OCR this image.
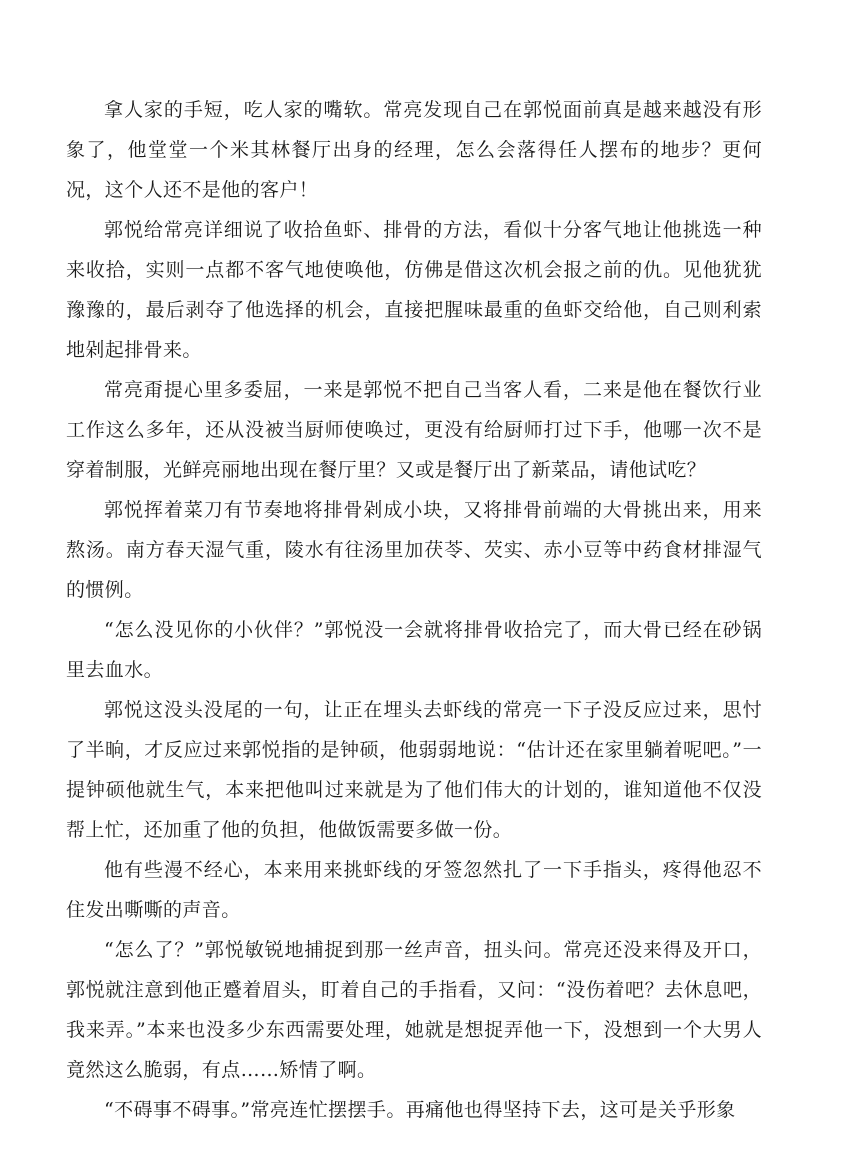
拿人家的手短，吃人家的嘴软。常亮发现自己在郭悦面前真是越来越没有形象了，他堂堂一个米其林餐厅出身的经理，怎么会落得任人摆布的地步？更何况，这个人还不是他的客户！

郭悦给常亮详细说了收拾鱼虾、排骨的方法，看似十分客气地让他挑选一种来收拾，实则一点都不客气地使唤他，仿佛是借这次机会报之前的仇。见他犹犹豫豫的，最后剥夺了他选择的机会，直接把腥味最重的鱼虾交给他，自己则利索地剁起排骨来。

常亮甭提心里多委屈，一来是郭悦不把自己当客人看，二来是他在餐饮行业工作这么多年，还从没被当厨师使唤过，更没有给厨师打过下手，他哪一次不是穿着制服，光鲜亮丽地出现在餐厅里？又或是餐厅出了新菜品，请他试吃？

郭悦挥着菜刀有节奏地将排骨剁成小块，又将排骨前端的大骨挑出来，用来熬汤。南方春天湿气重，陵水有往汤里加茯苓、芡实、赤小豆等中药食材排湿气的惯例。

“怎么没见你的小伙伴？”郭悦没一会就将排骨收拾完了，而大骨已经在砂锅里去血水。

郭悦这没头没尾的一句，让正在埋头去虾线的常亮一下子没反应过来，思忖了半晌，才反应过来郭悦指的是钟硕，他弱弱地说：“估计还在家里躺着呢吧。”一提钟硕他就生气，本来把他叫过来就是为了他们伟大的计划的，谁知道他不仅没帮上忙，还加重了他的负担，他做饭需要多做一份。

他有些漫不经心，本来用来挑虾线的牙签忽然扎了一下手指头，疼得他忍不住发出嘶嘶的声音。

“怎么了？”郭悦敏锐地捕捉到那一丝声音，扭头问。常亮还没来得及开口，郭悦就注意到他正蹙着眉头，盯着自己的手指看，又问：“没伤着吧？去休息吧，我来弄。”本来也没多少东西需要处理，她就是想捉弄他一下，没想到一个大男人竟然这么脆弱，有点……矫情了啊。

“不碍事不碍事。”常亮连忙摆摆手。再痛他也得坚持下去，这可是关乎形象
